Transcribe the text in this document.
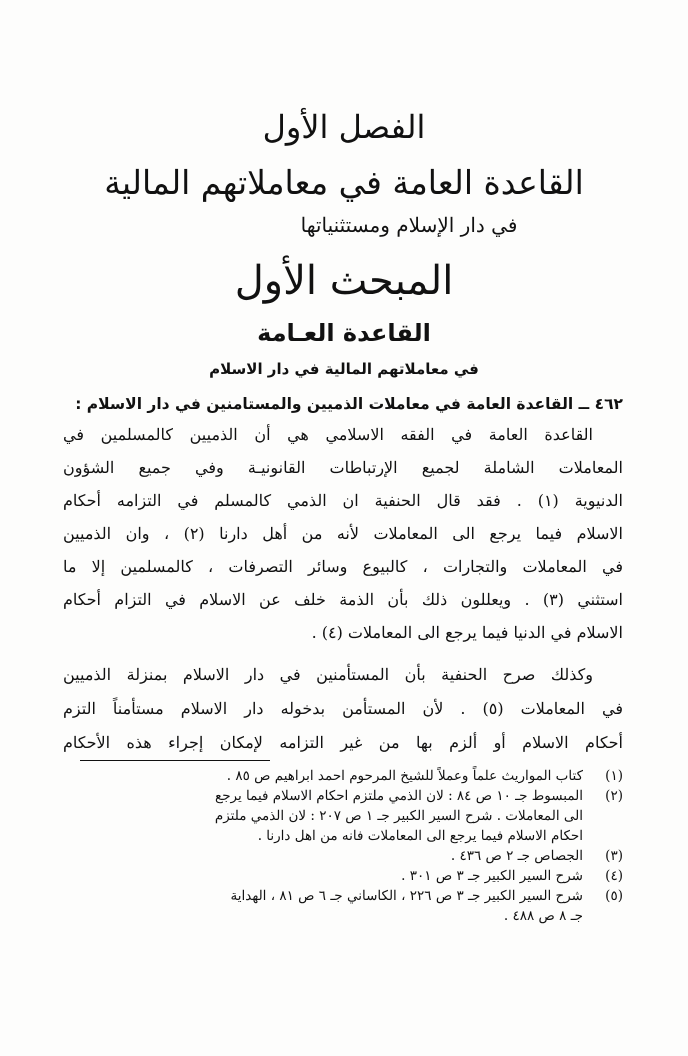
الفصل الأول
القاعدة العامة في معاملاتهم المالية
في دار الإسلام ومستثنياتها
المبحث الأول
القاعدة العـامة
في معاملاتهم المالية في دار الاسلام
٤٦٢ ــ القاعدة العامة في معاملات الذميين والمستامنين في دار الاسلام :
القاعدة العامة في الفقه الاسلامي هي أن الذميين كالمسلمين في
المعاملات الشاملة لجميع الإرتباطات القانونيـة وفي جميع الشؤون
الدنيوية (١) . فقد قال الحنفية ان الذمي كالمسلم في التزامه أحكام
الاسلام فيما يرجع الى المعاملات لأنه من أهل دارنا (٢) ، وان الذميين
في المعاملات والتجارات ، كالبيوع وسائر التصرفات ، كالمسلمين إلا ما
استثني (٣) . ويعللون ذلك بأن الذمة خلف عن الاسلام في التزام أحكام
الاسلام في الدنيا فيما يرجع الى المعاملات (٤) .
وكذلك صرح الحنفية بأن المستأمنين في دار الاسلام بمنزلة الذميين
في المعاملات (٥) . لأن المستأمن بدخوله دار الاسلام مستأمناً التزم
أحكام الاسلام أو ألزم بها من غير التزامه لإمكان إجراء هذه الأحكام
(١)
كتاب المواريث علماً وعملاً للشيخ المرحوم احمد ابراهيم ص ٨٥ .
(٢)
المبسوط جـ ١٠ ص ٨٤ : لان الذمي ملتزم احكام الاسلام فيما يرجع
الى المعاملات . شرح السير الكبير جـ ١ ص ٢٠٧ : لان الذمي ملتزم
احكام الاسلام فيما يرجع الى المعاملات فانه من اهل دارنا .
(٣)
الجصاص جـ ٢ ص ٤٣٦ .
(٤)
شرح السير الكبير جـ ٣ ص ٣٠١ .
(٥)
شرح السير الكبير جـ ٣ ص ٢٢٦ ، الكاساني جـ ٦ ص ٨١ ، الهداية
جـ ٨ ص ٤٨٨ .
